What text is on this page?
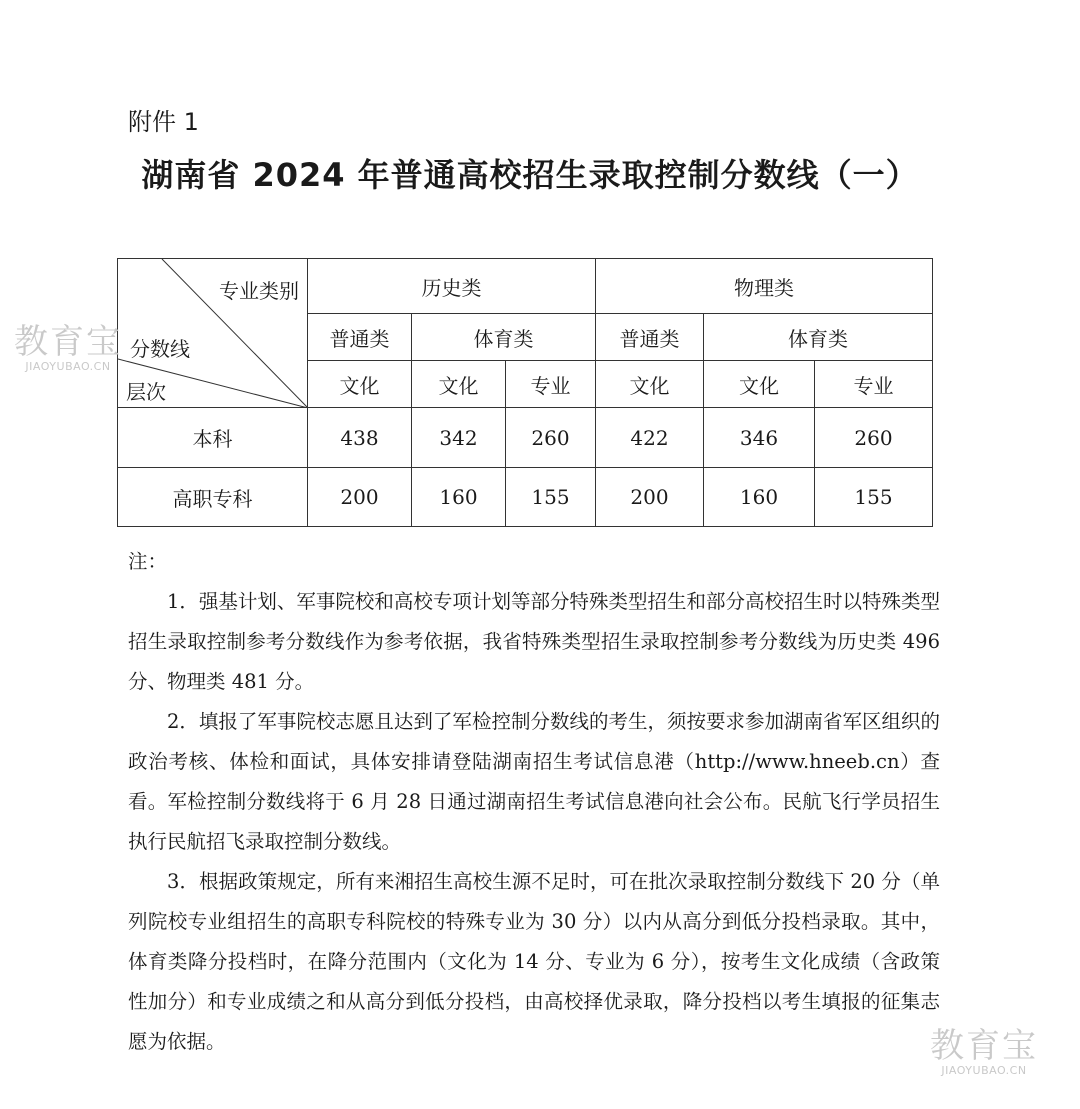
附件 1
湖南省 2024 年普通高校招生录取控制分数线（一）
专业类别
分数线
层次	历史类			物理类		
	普通类	体育类		普通类	体育类	
	文化	文化	专业	文化	文化	专业
本科	438	342	260	422	346	260
高职专科	200	160	155	200	160	155

注：

1．强基计划、军事院校和高校专项计划等部分特殊类型招生和部分高校招生时以特殊类型招生录取控制参考分数线作为参考依据，我省特殊类型招生录取控制参考分数线为历史类 496 分、物理类 481 分。

2．填报了军事院校志愿且达到了军检控制分数线的考生，须按要求参加湖南省军区组织的政治考核、体检和面试，具体安排请登陆湖南招生考试信息港（http://www.hneeb.cn）查看。军检控制分数线将于 6 月 28 日通过湖南招生考试信息港向社会公布。民航飞行学员招生执行民航招飞录取控制分数线。

3．根据政策规定，所有来湘招生高校生源不足时，可在批次录取控制分数线下 20 分（单列院校专业组招生的高职专科院校的特殊专业为 30 分）以内从高分到低分投档录取。其中，体育类降分投档时，在降分范围内（文化为 14 分、专业为 6 分），按考生文化成绩（含政策性加分）和专业成绩之和从高分到低分投档，由高校择优录取，降分投档以考生填报的征集志愿为依据。

教育宝
JIAOYUBAO.CN
教育宝
JIAOYUBAO.CN
